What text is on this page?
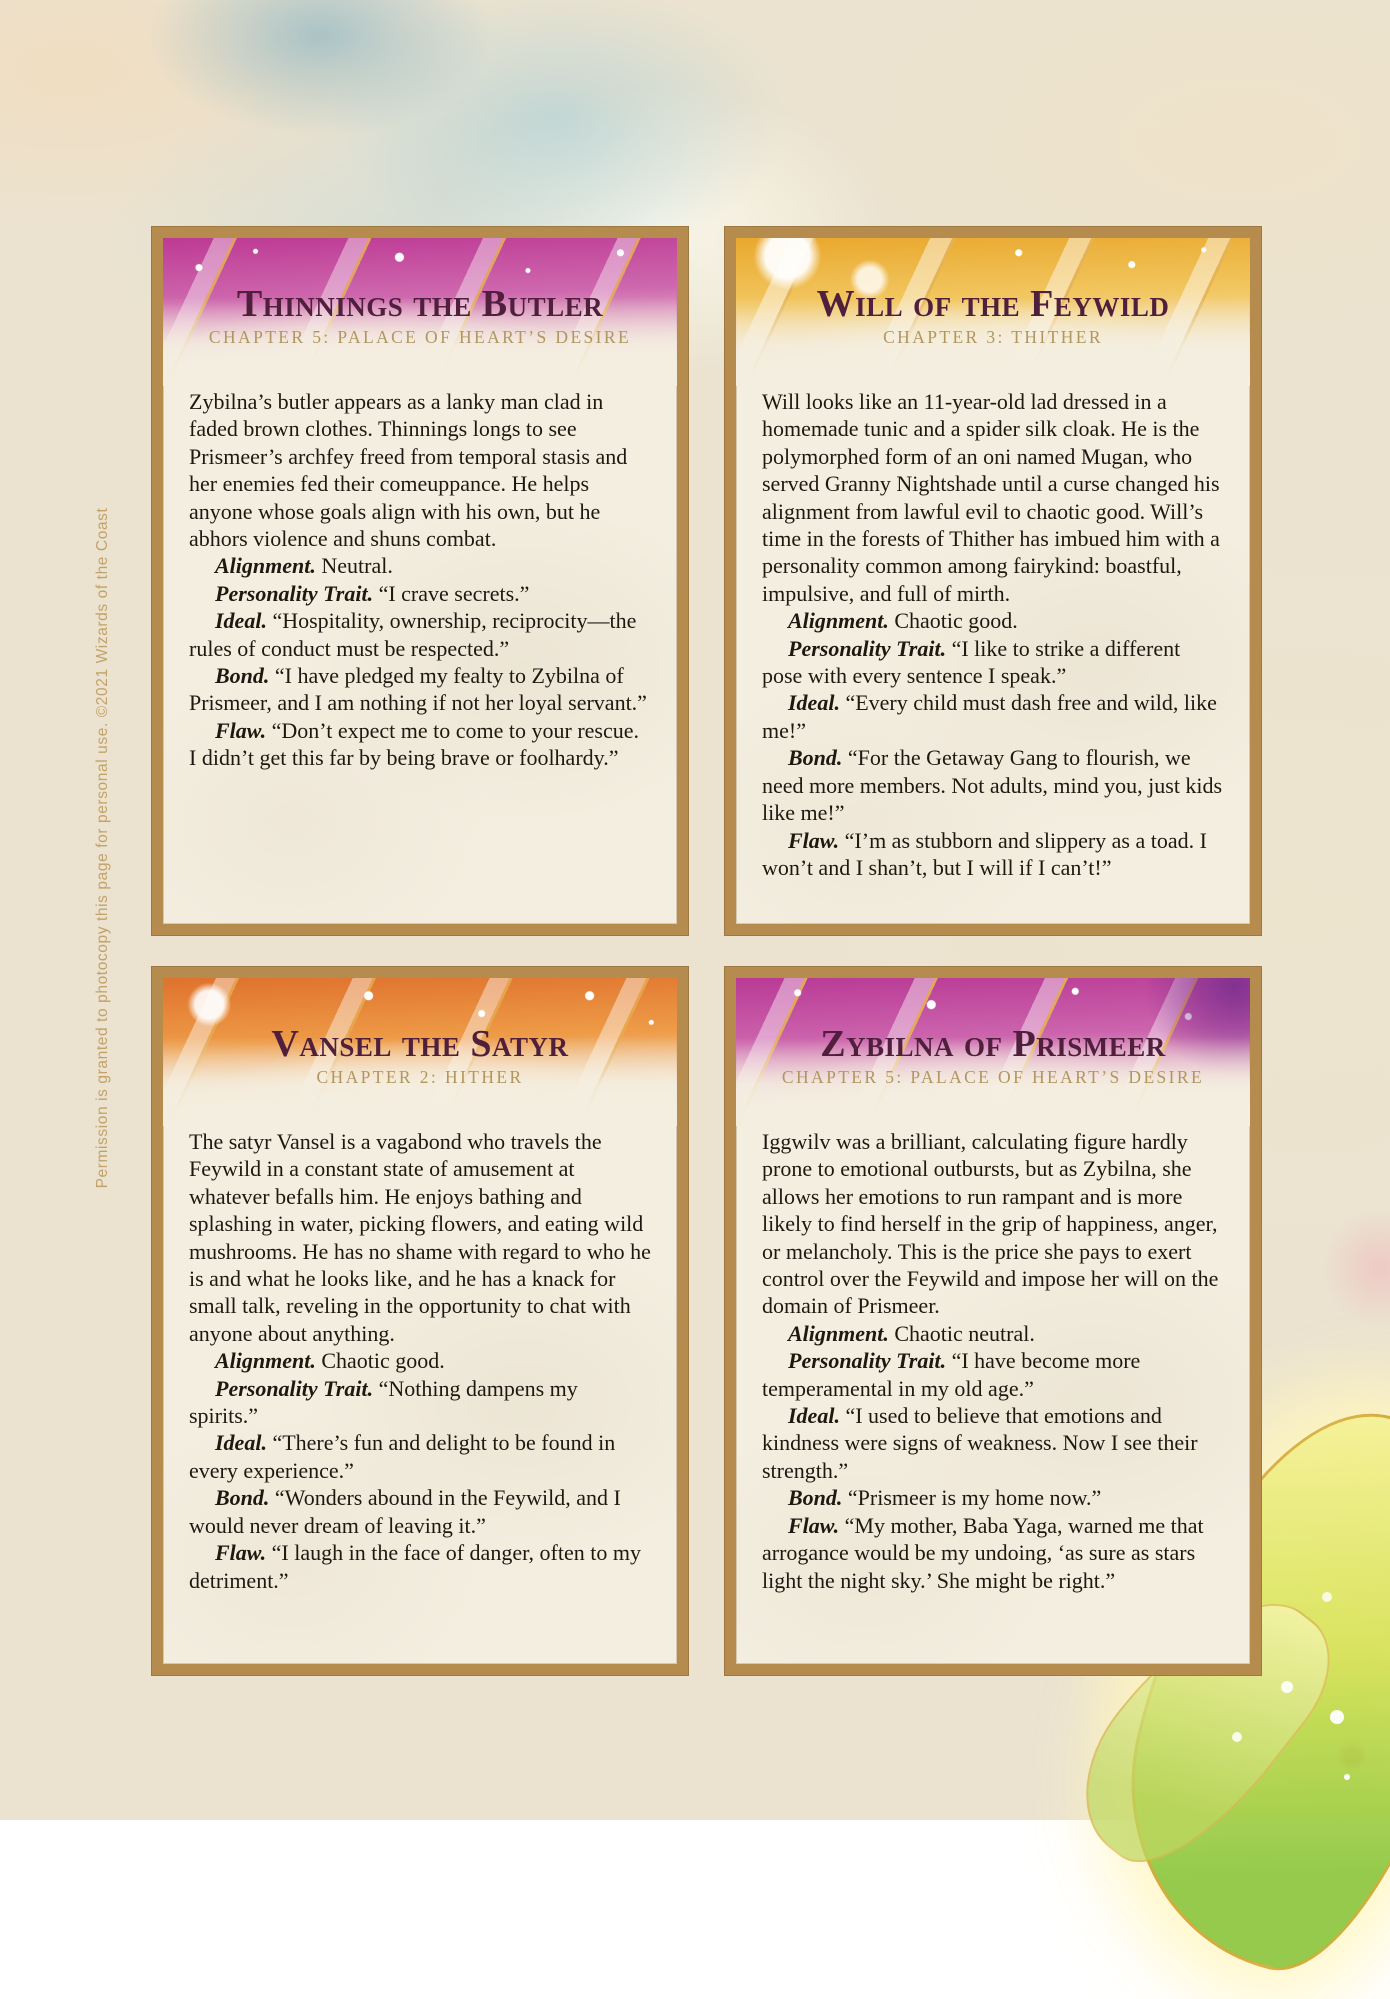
Permission is granted to photocopy this page for personal use. ©2021 Wizards of the Coast
Thinnings the Butler
CHAPTER 5: PALACE OF HEART’S DESIRE

Zybilna’s butler appears as a lanky man clad in faded brown clothes. Thinnings longs to see Prismeer’s archfey freed from temporal stasis and her enemies fed their comeuppance. He helps anyone whose goals align with his own, but he abhors violence and shuns combat.

Alignment. Neutral.

Personality Trait. “I crave secrets.”

Ideal. “Hospitality, ownership, reciprocity—the rules of conduct must be respected.”

Bond. “I have pledged my fealty to Zybilna of Prismeer, and I am nothing if not her loyal servant.”

Flaw. “Don’t expect me to come to your rescue. I didn’t get this far by being brave or foolhardy.”

Will of the Feywild
CHAPTER 3: THITHER

Will looks like an 11-year-old lad dressed in a homemade tunic and a spider silk cloak. He is the polymorphed form of an oni named Mugan, who served Granny Nightshade until a curse changed his alignment from lawful evil to chaotic good. Will’s time in the forests of Thither has imbued him with a personality common among fairykind: boastful, impulsive, and full of mirth.

Alignment. Chaotic good.

Personality Trait. “I like to strike a different pose with every sentence I speak.”

Ideal. “Every child must dash free and wild, like me!”

Bond. “For the Getaway Gang to flourish, we need more members. Not adults, mind you, just kids like me!”

Flaw. “I’m as stubborn and slippery as a toad. I won’t and I shan’t, but I will if I can’t!”

Vansel the Satyr
CHAPTER 2: HITHER

The satyr Vansel is a vagabond who travels the Feywild in a constant state of amusement at whatever befalls him. He enjoys bathing and splashing in water, picking flowers, and eating wild mushrooms. He has no shame with regard to who he is and what he looks like, and he has a knack for small talk, reveling in the opportunity to chat with anyone about anything.

Alignment. Chaotic good.

Personality Trait. “Nothing dampens my spirits.”

Ideal. “There’s fun and delight to be found in every experience.”

Bond. “Wonders abound in the Feywild, and I would never dream of leaving it.”

Flaw. “I laugh in the face of danger, often to my detriment.”

Zybilna of Prismeer
CHAPTER 5: PALACE OF HEART’S DESIRE

Iggwilv was a brilliant, calculating figure hardly prone to emotional outbursts, but as Zybilna, she allows her emotions to run rampant and is more likely to find herself in the grip of happiness, anger, or melancholy. This is the price she pays to exert control over the Feywild and impose her will on the domain of Prismeer.

Alignment. Chaotic neutral.

Personality Trait. “I have become more temperamental in my old age.”

Ideal. “I used to believe that emotions and kindness were signs of weakness. Now I see their strength.”

Bond. “Prismeer is my home now.”

Flaw. “My mother, Baba Yaga, warned me that arrogance would be my undoing, ‘as sure as stars light the night sky.’ She might be right.”
